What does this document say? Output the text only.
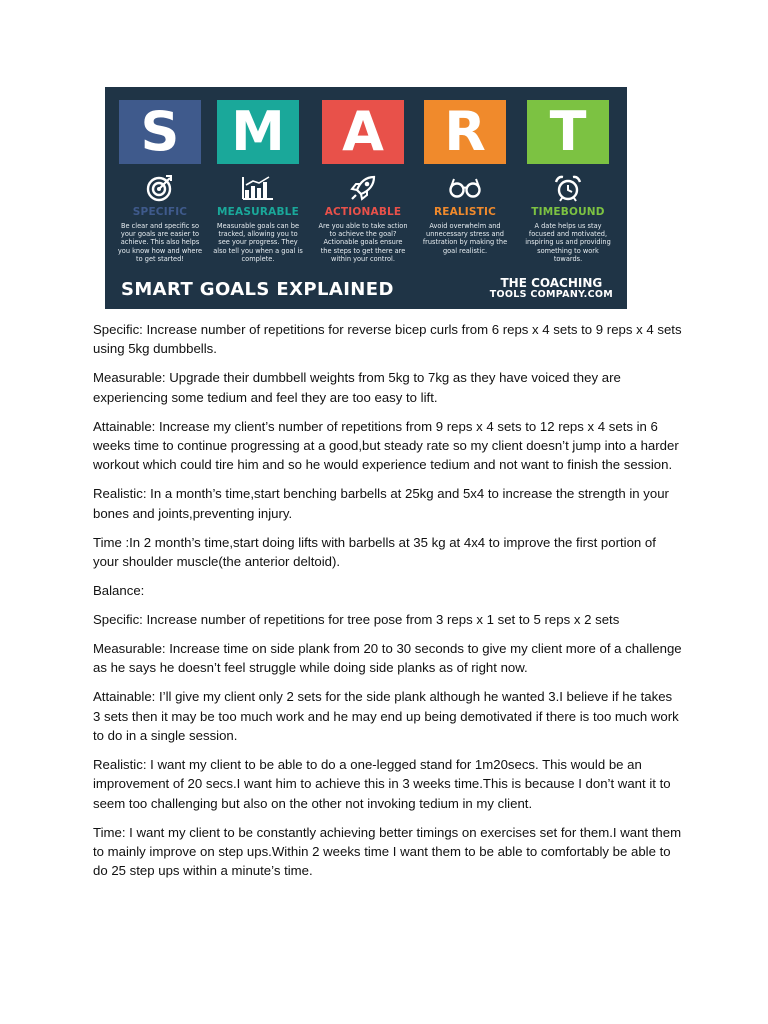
S
SPECIFIC
Be clear and specific so your goals are easier to achieve. This also helps you know how and where to get started!
M
MEASURABLE
Measurable goals can be tracked, allowing you to see your progress. They also tell you when a goal is complete.
A
ACTIONABLE
Are you able to take action to achieve the goal? Actionable goals ensure the steps to get there are within your control.
R
REALISTIC
Avoid overwhelm and unnecessary stress and frustration by making the goal realistic.
T
TIMEBOUND
A date helps us stay focused and motivated, inspiring us and providing something to work towards.
SMART GOALS EXPLAINED	THE COACHING
TOOLS COMPANY.COM

Specific: Increase number of repetitions for reverse bicep curls from 6 reps x 4 sets to 9 reps x 4 sets using 5kg dumbbells.

Measurable: Upgrade their dumbbell weights from 5kg to 7kg as they have voiced they are experiencing some tedium and feel they are too easy to lift.

Attainable: Increase my client’s number of repetitions from 9 reps x 4 sets to 12 reps x 4 sets in 6 weeks time to continue progressing at a good,but steady rate so my client doesn’t jump into a harder workout which could tire him and so he would experience tedium and not want to finish the session.

Realistic: In a month’s time,start benching barbells at 25kg and 5x4 to increase the strength in your bones and joints,preventing injury.

Time :In 2 month’s time,start doing lifts with barbells at 35 kg at 4x4 to improve the first portion of your shoulder muscle(the anterior deltoid).

Balance:

Specific: Increase number of repetitions for tree pose from 3 reps x 1 set to 5 reps x 2 sets

Measurable: Increase time on side plank from 20 to 30 seconds to give my client more of a challenge as he says he doesn’t feel struggle while doing side planks as of right now.

Attainable: I’ll give my client only 2 sets for the side plank although he wanted 3.I believe if he takes 3 sets then it may be too much work and he may end up being demotivated if there is too much work to do in a single session.

Realistic: I want my client to be able to do a one-legged stand for 1m20secs. This would be an improvement of 20 secs.I want him to achieve this in 3 weeks time.This is because I don’t want it to seem too challenging but also on the other not invoking tedium in my client.

Time: I want my client to be constantly achieving better timings on exercises set for them.I want them to mainly improve on step ups.Within 2 weeks time I want them to be able to comfortably be able to do 25 step ups within a minute’s time.
